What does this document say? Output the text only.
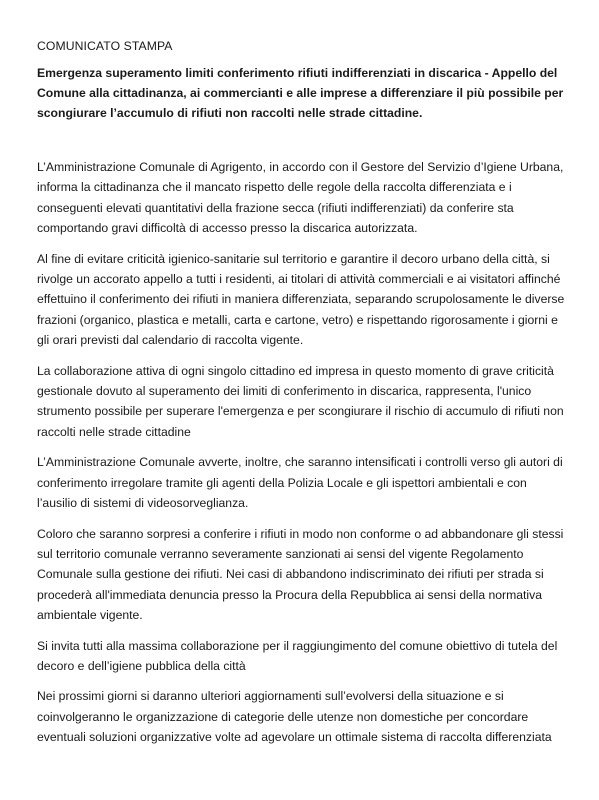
COMUNICATO STAMPA

Emergenza superamento limiti conferimento rifiuti indifferenziati in discarica - Appello del Comune alla cittadinanza, ai commercianti e alle imprese a differenziare il più possibile per scongiurare l’accumulo di rifiuti non raccolti nelle strade cittadine.

L’Amministrazione Comunale di Agrigento, in accordo con il Gestore del Servizio d’Igiene Urbana, informa la cittadinanza che il mancato rispetto delle regole della raccolta differenziata e i conseguenti elevati quantitativi della frazione secca (rifiuti indifferenziati) da conferire sta comportando gravi difficoltà di accesso presso la discarica autorizzata.

Al fine di evitare criticità igienico-sanitarie sul territorio e garantire il decoro urbano della città, si rivolge un accorato appello a tutti i residenti, ai titolari di attività commerciali e ai visitatori affinché effettuino il conferimento dei rifiuti in maniera differenziata, separando scrupolosamente le diverse frazioni (organico, plastica e metalli, carta e cartone, vetro) e rispettando rigorosamente i giorni e gli orari previsti dal calendario di raccolta vigente.

La collaborazione attiva di ogni singolo cittadino ed impresa in questo momento di grave criticità gestionale dovuto al superamento dei limiti di conferimento in discarica, rappresenta, l'unico strumento possibile per superare l'emergenza e per scongiurare il rischio di accumulo di rifiuti non raccolti nelle strade cittadine

L’Amministrazione Comunale avverte, inoltre, che saranno intensificati i controlli verso gli autori di conferimento irregolare tramite gli agenti della Polizia Locale e gli ispettori ambientali e con l’ausilio di sistemi di videosorveglianza.

Coloro che saranno sorpresi a conferire i rifiuti in modo non conforme o ad abbandonare gli stessi sul territorio comunale verranno severamente sanzionati ai sensi del vigente Regolamento Comunale sulla gestione dei rifiuti. Nei casi di abbandono indiscriminato dei rifiuti per strada si procederà all'immediata denuncia presso la Procura della Repubblica ai sensi della normativa ambientale vigente.

Si invita tutti alla massima collaborazione per il raggiungimento del comune obiettivo di tutela del decoro e dell’igiene pubblica della città

Nei prossimi giorni si daranno ulteriori aggiornamenti sull’evolversi della situazione e si coinvolgeranno le organizzazione di categorie delle utenze non domestiche per concordare eventuali soluzioni organizzative volte ad agevolare un ottimale sistema di raccolta differenziata
